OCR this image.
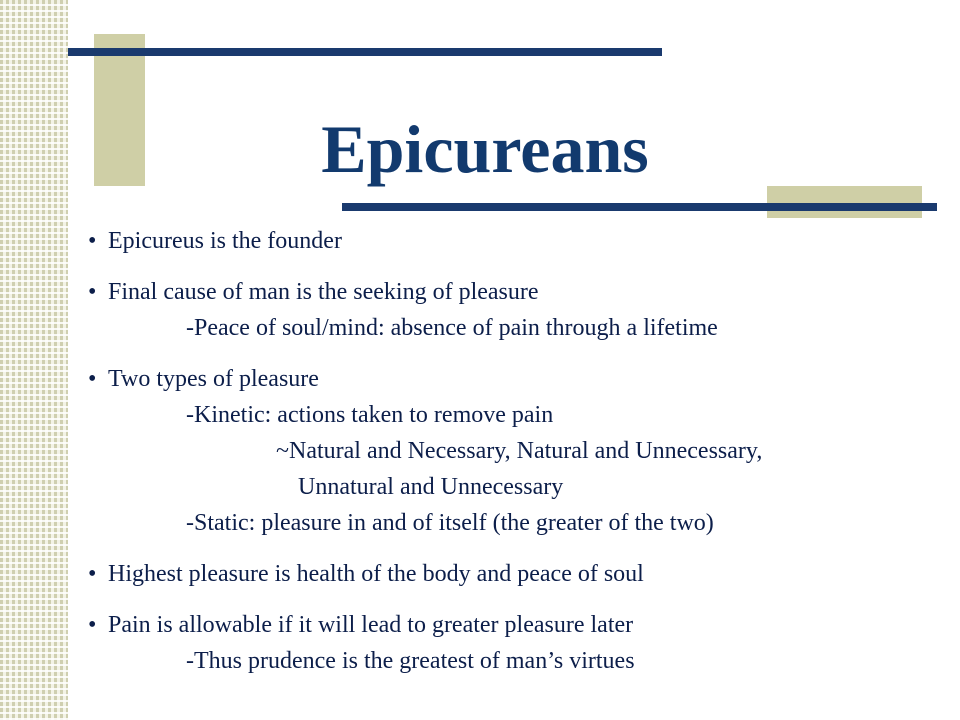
Epicureans
• Epicureus is the founder
• Final cause of man is the seeking of pleasure
-Peace of soul/mind: absence of pain through a lifetime
• Two types of pleasure
-Kinetic: actions taken to remove pain
~Natural and Necessary, Natural and Unnecessary,
Unnatural and Unnecessary
-Static: pleasure in and of itself (the greater of the two)
• Highest pleasure is health of the body and peace of soul
• Pain is allowable if it will lead to greater pleasure later
-Thus prudence is the greatest of man’s virtues
